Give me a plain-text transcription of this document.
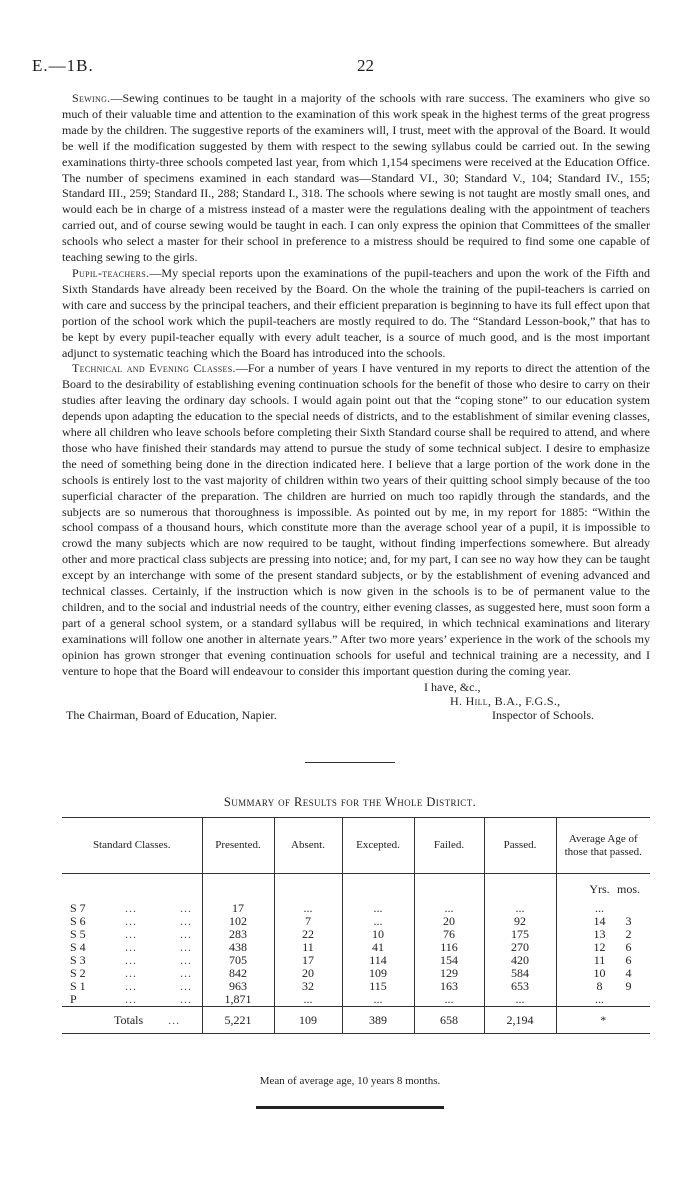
E.—1B.	22

Sewing.—Sewing continues to be taught in a majority of the schools with rare success. The examiners who give so much of their valuable time and attention to the examination of this work speak in the highest terms of the great progress made by the children. The suggestive reports of the examiners will, I trust, meet with the approval of the Board. It would be well if the modification suggested by them with respect to the sewing syllabus could be carried out. In the sewing examinations thirty-three schools competed last year, from which 1,154 specimens were received at the Education Office. The number of specimens examined in each standard was—Standard VI., 30; Standard V., 104; Standard IV., 155; Standard III., 259; Standard II., 288; Standard I., 318. The schools where sewing is not taught are mostly small ones, and would each be in charge of a mistress instead of a master were the regulations dealing with the appointment of teachers carried out, and of course sewing would be taught in each. I can only express the opinion that Committees of the smaller schools who select a master for their school in preference to a mistress should be required to find some one capable of teaching sewing to the girls.

Pupil-teachers.—My special reports upon the examinations of the pupil-teachers and upon the work of the Fifth and Sixth Standards have already been received by the Board. On the whole the training of the pupil-teachers is carried on with care and success by the principal teachers, and their efficient preparation is beginning to have its full effect upon that portion of the school work which the pupil-teachers are mostly required to do. The “Standard Lesson-book,” that has to be kept by every pupil-teacher equally with every adult teacher, is a source of much good, and is the most important adjunct to systematic teaching which the Board has introduced into the schools.

Technical and Evening Classes.—For a number of years I have ventured in my reports to direct the attention of the Board to the desirability of establishing evening continuation schools for the benefit of those who desire to carry on their studies after leaving the ordinary day schools. I would again point out that the “coping stone” to our education system depends upon adapting the education to the special needs of districts, and to the establishment of similar evening classes, where all children who leave schools before completing their Sixth Standard course shall be required to attend, and where those who have finished their standards may attend to pursue the study of some technical subject. I desire to emphasize the need of something being done in the direction indicated here. I believe that a large portion of the work done in the schools is entirely lost to the vast majority of children within two years of their quitting school simply because of the too superficial character of the preparation. The children are hurried on much too rapidly through the standards, and the subjects are so numerous that thoroughness is impossible. As pointed out by me, in my report for 1885: “Within the school compass of a thousand hours, which constitute more than the average school year of a pupil, it is impossible to crowd the many subjects which are now required to be taught, without finding imperfections somewhere. But already other and more practical class subjects are pressing into notice; and, for my part, I can see no way how they can be taught except by an interchange with some of the present standard subjects, or by the establishment of evening advanced and technical classes. Certainly, if the instruction which is now given in the schools is to be of permanent value to the children, and to the social and industrial needs of the country, either evening classes, as suggested here, must soon form a part of a general school system, or a standard syllabus will be required, in which technical examinations and literary examinations will follow one another in alternate years.” After two more years’ experience in the work of the schools my opinion has grown stronger that evening continuation schools for useful and technical training are a necessity, and I venture to hope that the Board will endeavour to consider this important question during the coming year.

I have, &c.,
H. Hill, B.A., F.G.S.,
The Chairman, Board of Education, Napier.	Inspector of Schools.
Summary of Results for the Whole District.
Standard Classes.	Presented.	Absent.	Excepted.	Failed.	Passed.	Average Age of those that passed.
						Yrs. mos.

S 7 ... ...	17	...	...	...	...	...
S 6 ... ...	102	7	...	20	92	14 3
S 5 ... ...	283	22	10	76	175	13 2
S 4 ... ...	438	11	41	116	270	12 6
S 3 ... ...	705	17	114	154	420	11 6
S 2 ... ...	842	20	109	129	584	10 4
S 1 ... ...	963	32	115	163	653	8 9
P ... ...	1,871	...	...	...	...	...
Totals ...	5,221	109	389	658	2,194	*
Mean of average age, 10 years 8 months.
